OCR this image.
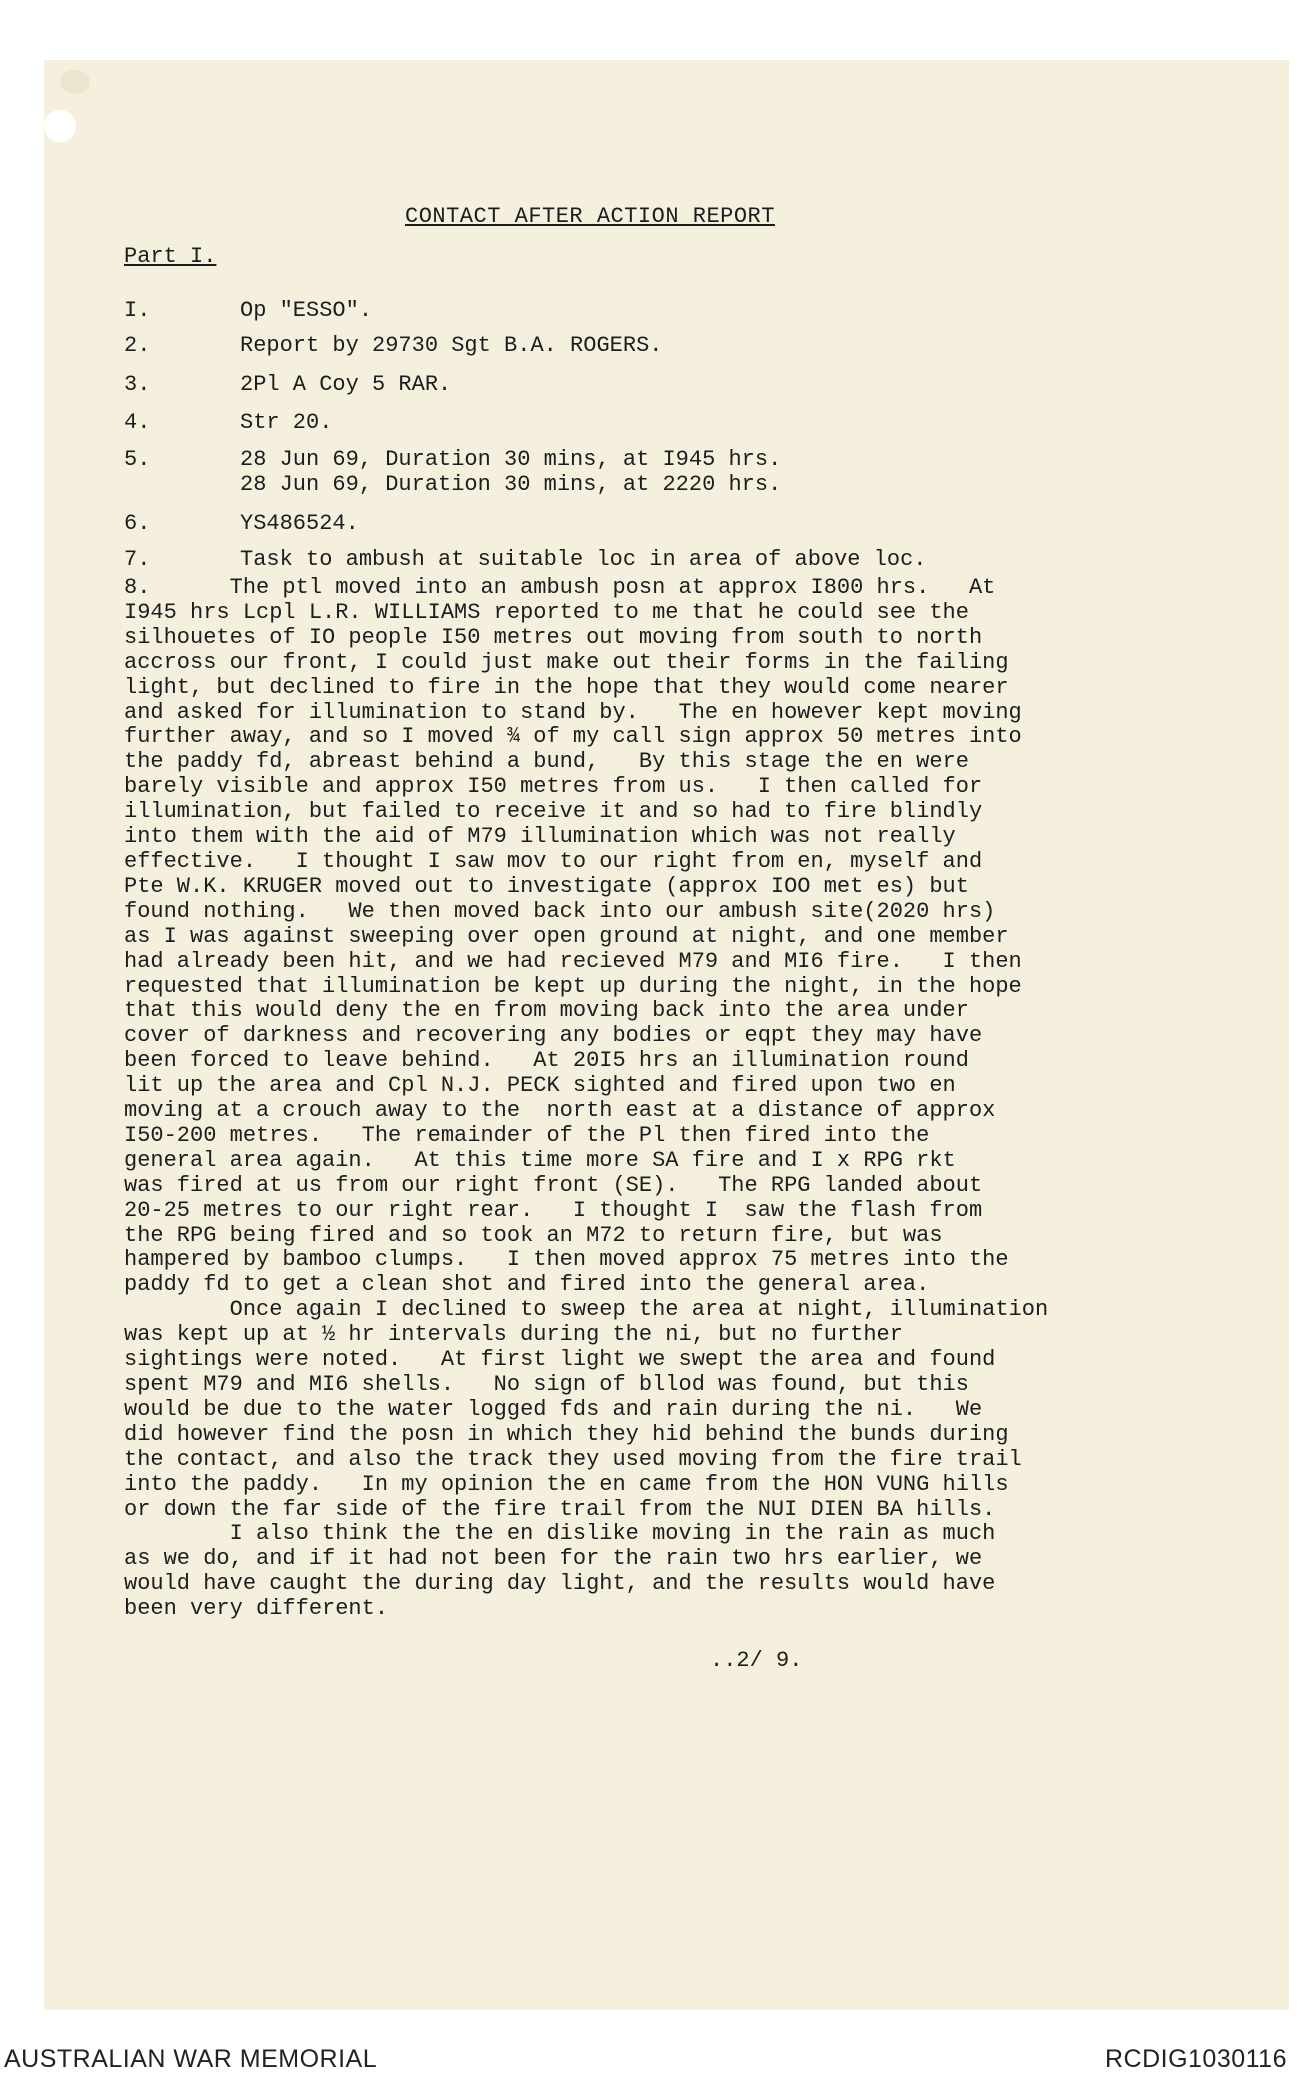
CONTACT AFTER ACTION REPORT
Part I.
I.	Op "ESSO".
2.	Report by 29730 Sgt B.A. ROGERS.
3.	2Pl A Coy 5 RAR.
4.	Str 20.
5.	28 Jun 69, Duration 30 mins, at I945 hrs.
28 Jun 69, Duration 30 mins, at 2220 hrs.
6.	YS486524.
7.	Task to ambush at suitable loc in area of above loc.
8.      The ptl moved into an ambush posn at approx I800 hrs.   At
I945 hrs Lcpl L.R. WILLIAMS reported to me that he could see the
silhouetes of IO people I50 metres out moving from south to north
accross our front, I could just make out their forms in the failing
light, but declined to fire in the hope that they would come nearer
and asked for illumination to stand by.   The en however kept moving
further away, and so I moved ¾ of my call sign approx 50 metres into
the paddy fd, abreast behind a bund,   By this stage the en were
barely visible and approx I50 metres from us.   I then called for
illumination, but failed to receive it and so had to fire blindly
into them with the aid of M79 illumination which was not really
effective.   I thought I saw mov to our right from en, myself and
Pte W.K. KRUGER moved out to investigate (approx IOO met es) but
found nothing.   We then moved back into our ambush site(2020 hrs)
as I was against sweeping over open ground at night, and one member
had already been hit, and we had recieved M79 and MI6 fire.   I then
requested that illumination be kept up during the night, in the hope
that this would deny the en from moving back into the area under
cover of darkness and recovering any bodies or eqpt they may have
been forced to leave behind.   At 20I5 hrs an illumination round
lit up the area and Cpl N.J. PECK sighted and fired upon two en
moving at a crouch away to the  north east at a distance of approx
I50-200 metres.   The remainder of the Pl then fired into the
general area again.   At this time more SA fire and I x RPG rkt
was fired at us from our right front (SE).   The RPG landed about
20-25 metres to our right rear.   I thought I  saw the flash from
the RPG being fired and so took an M72 to return fire, but was
hampered by bamboo clumps.   I then moved approx 75 metres into the
paddy fd to get a clean shot and fired into the general area.
Once again I declined to sweep the area at night, illumination
was kept up at ½ hr intervals during the ni, but no further
sightings were noted.   At first light we swept the area and found
spent M79 and MI6 shells.   No sign of bllod was found, but this
would be due to the water logged fds and rain during the ni.   We
did however find the posn in which they hid behind the bunds during
the contact, and also the track they used moving from the fire trail
into the paddy.   In my opinion the en came from the HON VUNG hills
or down the far side of the fire trail from the NUI DIEN BA hills.
I also think the the en dislike moving in the rain as much
as we do, and if it had not been for the rain two hrs earlier, we
would have caught the during day light, and the results would have
been very different.
..2/ 9.
AUSTRALIAN WAR MEMORIAL	RCDIG1030116
